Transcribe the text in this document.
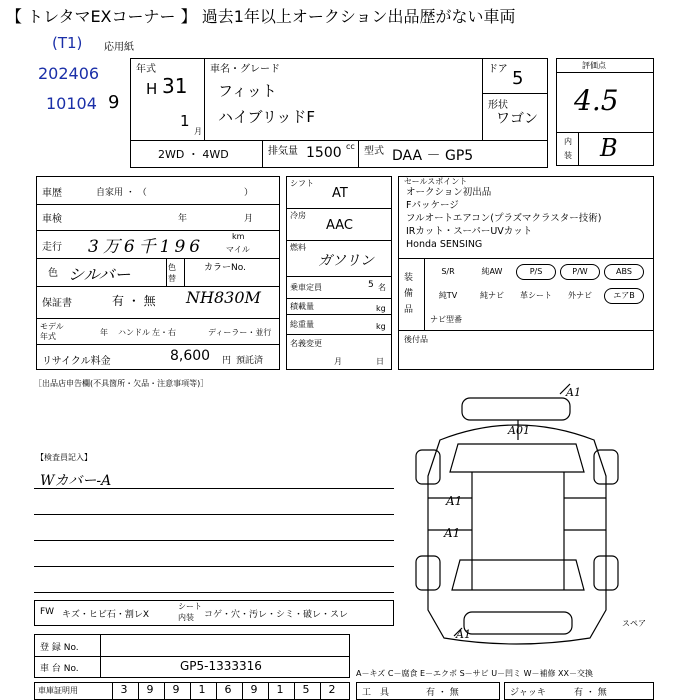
【 トレタマEXコーナー 】 過去1年以上オークション出品歴がない車両
(T1) 応用紙
202406
10104 9
年式
H 31
1
月
車名・グレード
フィット
ハイブリッドF
ドア 5
形状
ワゴン
2WD ・ 4WD	排気量 1500 cc 型式 DAA － GP5
評価点
4.5
内
装 B
車歴	自家用 ・ （	）
車検	年	月
走行 3万6千196
km
マイル
色 シルバー	色替
カラーNo.
保証書	有 ・ 無 NH830M
モデル
年式	年 ハンドル 左・右	ディーラー・並行
リサイクル料金	8,600 円 預託済
シフト
AT
冷房
AAC
燃料
ガソリン
乗車定員	5 名
積載量	kg
総重量	kg
名義変更
月	日
セールスポイント
オークション初出品
Fパッケージ
フルオートエアコン(プラズマクラスター技術)
IRカット・スーパーUVカット
Honda SENSING
装備品
S/R	純AW	P/S	P/W	ABS
純TV	純ナビ	革シート	外ナビ	エアB
ナビ型番
後付品
［出品店申告欄(不具箇所・欠品・注意事項等)］
【検査員記入】
Wカバー-A
A1
A01
A1
A1
A1
スペア
FW キズ・ヒビ石・割レX
シート
内装 コゲ・穴・汚レ・シミ・破レ・スレ
登 録 No.
車 台 No.	GP5-1333316
A－キズ C－腐食 E－エクボ S－サビ U－凹ミ W－補修 XX－交換
車庫証明用	3	9	9	1	6	9	1	5	2	工　具	有 ・ 無	ジャッキ	有 ・ 無
